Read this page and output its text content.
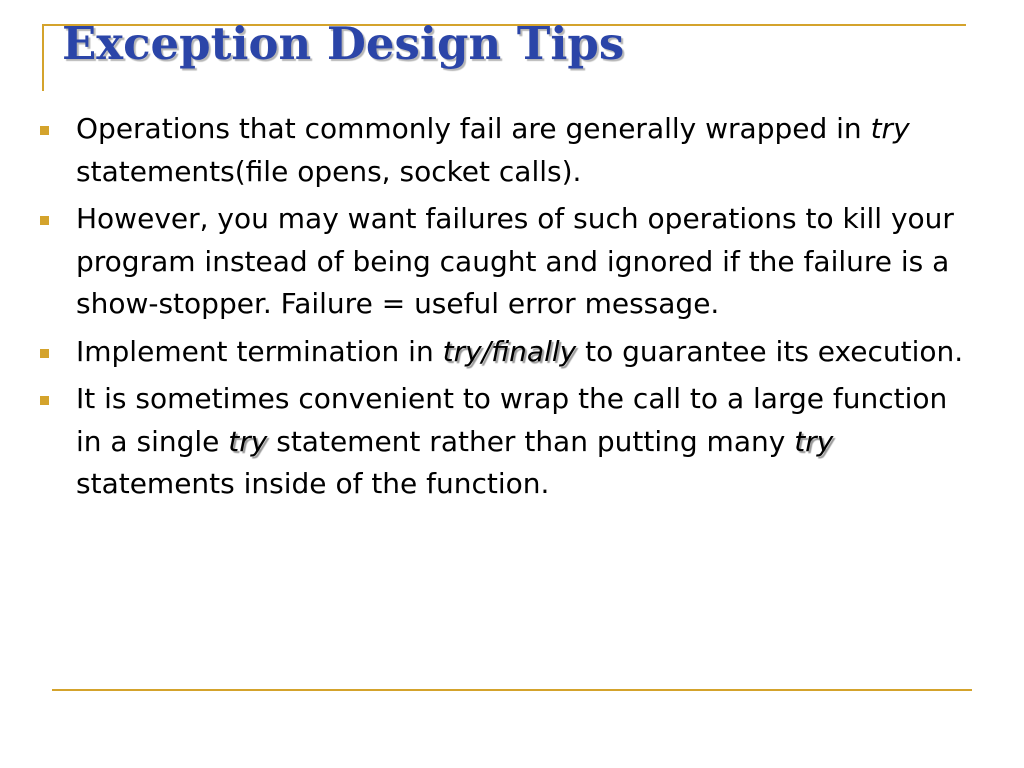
Exception Design Tips
Operations that commonly fail are generally wrapped in try statements(file opens, socket calls).
However, you may want failures of such operations to kill your program instead of being caught and ignored if the failure is a show-stopper. Failure = useful error message.
Implement termination in try/finally to guarantee its execution.
It is sometimes convenient to wrap the call to a large function in a single try statement rather than putting many try statements inside of the function.
